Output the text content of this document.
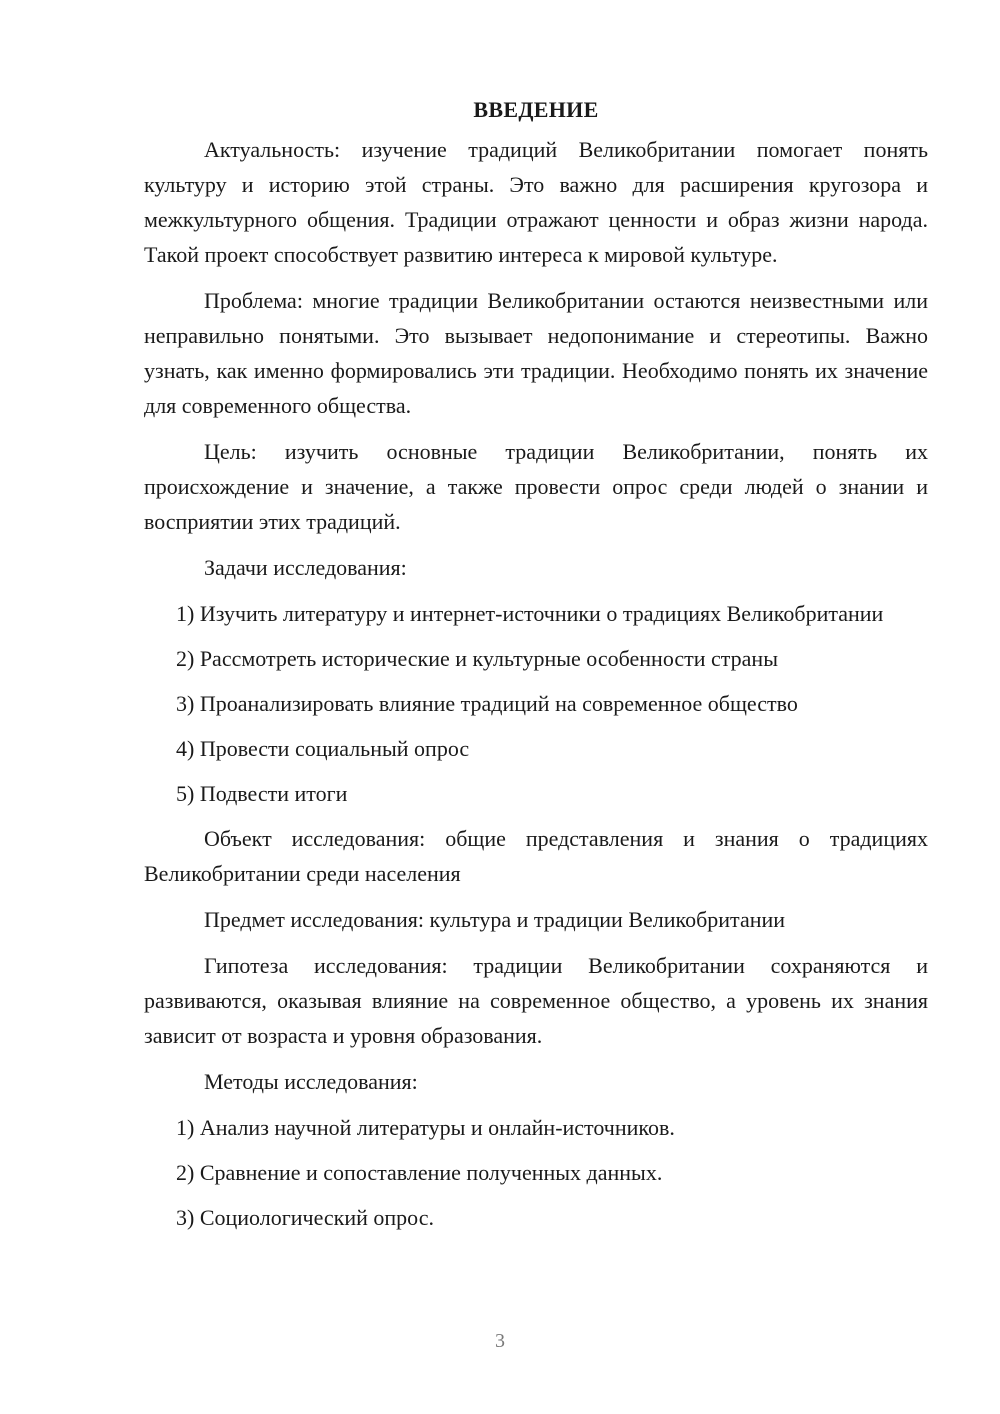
ВВЕДЕНИЕ

Актуальность: изучение традиций Великобритании помогает понять культуру и историю этой страны. Это важно для расширения кругозора и межкультурного общения. Традиции отражают ценности и образ жизни народа. Такой проект способствует развитию интереса к мировой культуре.

Проблема: многие традиции Великобритании остаются неизвестными или неправильно понятыми. Это вызывает недопонимание и стереотипы. Важно узнать, как именно формировались эти традиции. Необходимо понять их значение для современного общества.

Цель: изучить основные традиции Великобритании, понять их происхождение и значение, а также провести опрос среди людей о знании и восприятии этих традиций.

Задачи исследования:

1) Изучить литературу и интернет-источники о традициях Великобритании

2) Рассмотреть исторические и культурные особенности страны

3) Проанализировать влияние традиций на современное общество

4) Провести социальный опрос

5) Подвести итоги

Объект исследования: общие представления и знания о традициях Великобритании среди населения

Предмет исследования: культура и традиции Великобритании

Гипотеза исследования: традиции Великобритании сохраняются и развиваются, оказывая влияние на современное общество, а уровень их знания зависит от возраста и уровня образования.

Методы исследования:

1) Анализ научной литературы и онлайн-источников.

2) Сравнение и сопоставление полученных данных.

3) Социологический опрос.

3
